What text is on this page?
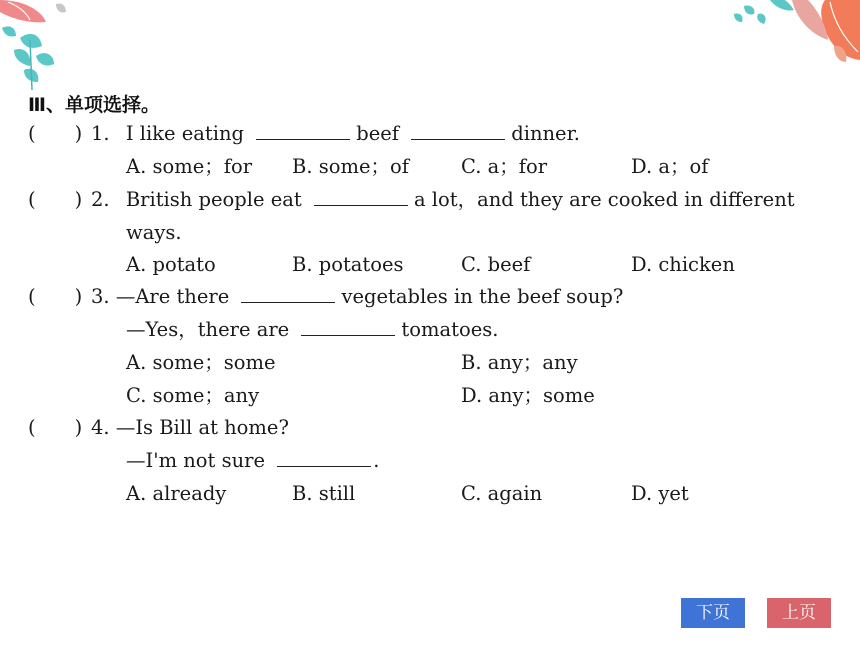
Ⅲ、单项选择。
(　　) 1. I like eating	beef	dinner.
A. some；for B. some；of	C. a；for	D. a；of
(　　) 2. British people eat	a lot，and they are cooked in different
ways.
A. potato	B. potatoes	C. beef	D. chicken
(　　) 3. —Are there	vegetables in the beef soup?
—Yes，there are	tomatoes.
A. some；some	B. any；any
C. some；any	D. any；some
(　　) 4. —Is Bill at home?
—I'm not sure	.
A. already	B. still	C. again	D. yet
下页	上页
